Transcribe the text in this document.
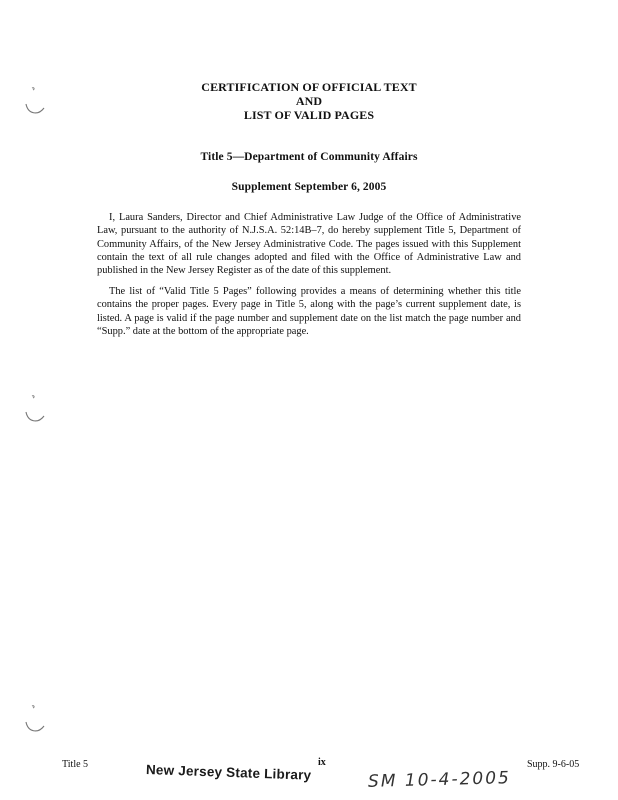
CERTIFICATION OF OFFICIAL TEXT
AND
LIST OF VALID PAGES
Title 5—Department of Community Affairs
Supplement September 6, 2005

I, Laura Sanders, Director and Chief Administrative Law Judge of the Office of Administrative Law, pursuant to the authority of N.J.S.A. 52:14B–7, do hereby supplement Title 5, Department of Community Affairs, of the New Jersey Administrative Code. The pages issued with this Supplement contain the text of all rule changes adopted and filed with the Office of Administrative Law and published in the New Jersey Register as of the date of this supplement.

The list of “Valid Title 5 Pages” following provides a means of determining whether this title contains the proper pages. Every page in Title 5, along with the page’s current supplement date, is listed. A page is valid if the page number and supplement date on the list match the page number and “Supp.” date at the bottom of the appropriate page.

Title 5	ix	Supp. 9-6-05
New Jersey State Library	SM 10-4-2005
